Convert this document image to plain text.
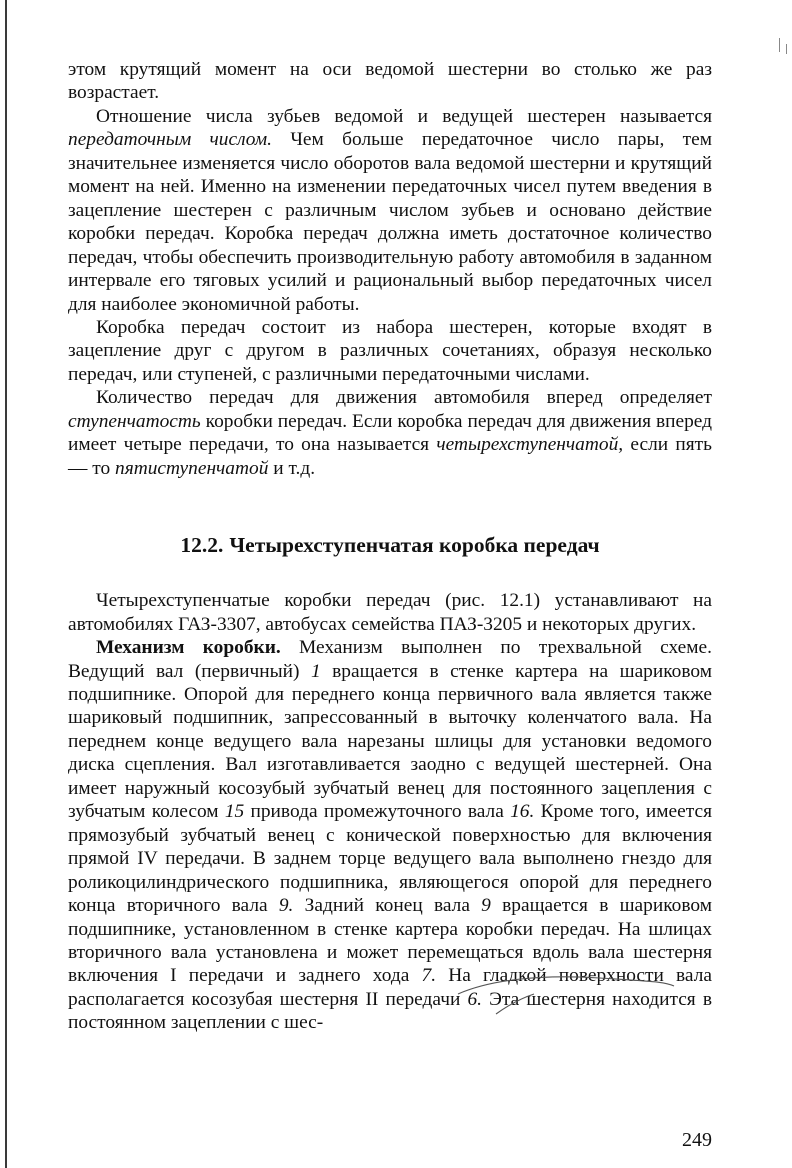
этом крутящий момент на оси ведомой шестерни во столько же раз возрастает.

Отношение числа зубьев ведомой и ведущей шестерен называется передаточным числом. Чем больше передаточное число пары, тем значительнее изменяется число оборотов вала ведомой шестерни и крутящий момент на ней. Именно на изменении передаточных чисел путем введения в зацепление шестерен с различным числом зубьев и основано действие коробки передач. Коробка передач должна иметь достаточное количество передач, чтобы обеспечить производительную работу автомобиля в заданном интервале его тяговых усилий и рациональный выбор передаточных чисел для наиболее экономичной работы.

Коробка передач состоит из набора шестерен, которые входят в зацепление друг с другом в различных сочетаниях, образуя несколько передач, или ступеней, с различными передаточными числами.

Количество передач для движения автомобиля вперед определяет ступенчатость коробки передач. Если коробка передач для движения вперед имеет четыре передачи, то она называется четырехступенчатой, если пять — то пятиступенчатой и т.д.

12.2. Четырехступенчатая коробка передач

Четырехступенчатые коробки передач (рис. 12.1) устанавливают на автомобилях ГАЗ-3307, автобусах семейства ПАЗ-3205 и некоторых других.

Механизм коробки. Механизм выполнен по трехвальной схеме. Ведущий вал (первичный) 1 вращается в стенке картера на шариковом подшипнике. Опорой для переднего конца первичного вала является также шариковый подшипник, запрессованный в выточку коленчатого вала. На переднем конце ведущего вала нарезаны шлицы для установки ведомого диска сцепления. Вал изготавливается заодно с ведущей шестерней. Она имеет наружный косозубый зубчатый венец для постоянного зацепления с зубчатым колесом 15 привода промежуточного вала 16. Кроме того, имеется прямозубый зубчатый венец с конической поверхностью для включения прямой IV передачи. В заднем торце ведущего вала выполнено гнездо для роликоцилиндрического подшипника, являющегося опорой для переднего конца вторичного вала 9. Задний конец вала 9 вращается в шариковом подшипнике, установленном в стенке картера коробки передач. На шлицах вторичного вала установлена и может перемещаться вдоль вала шестерня включения I передачи и заднего хода 7. На гладкой поверхности вала располагается косозубая шестерня II передачи 6. Эта шестерня находится в постоянном зацеплении с шес-

249
